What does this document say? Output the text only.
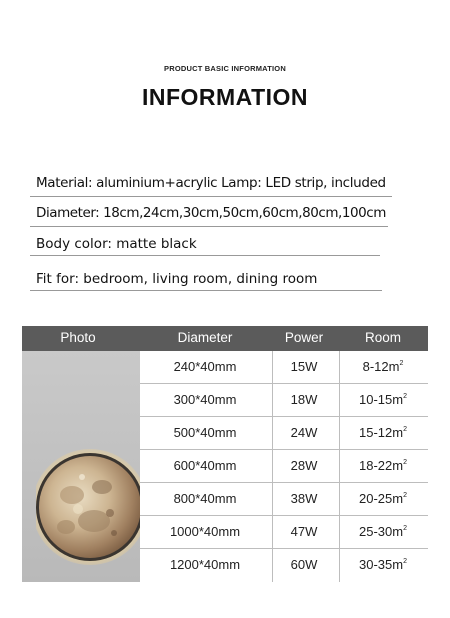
PRODUCT BASIC INFORMATION
INFORMATION
Material: aluminium+acrylic Lamp: LED strip, included
Diameter: 18cm,24cm,30cm,50cm,60cm,80cm,100cm
Body color: matte black
Fit for: bedroom, living room, dining room
Photo	Diameter	Power	Room
240*40mm	15W	$8-12m^2$
300*40mm	18W	$10-15m^2$
500*40mm	24W	$15-12m^2$
600*40mm	28W	$18-22m^2$
800*40mm	38W	$20-25m^2$
1000*40mm	47W	$25-30m^2$
1200*40mm	60W	$30-35m^2$
